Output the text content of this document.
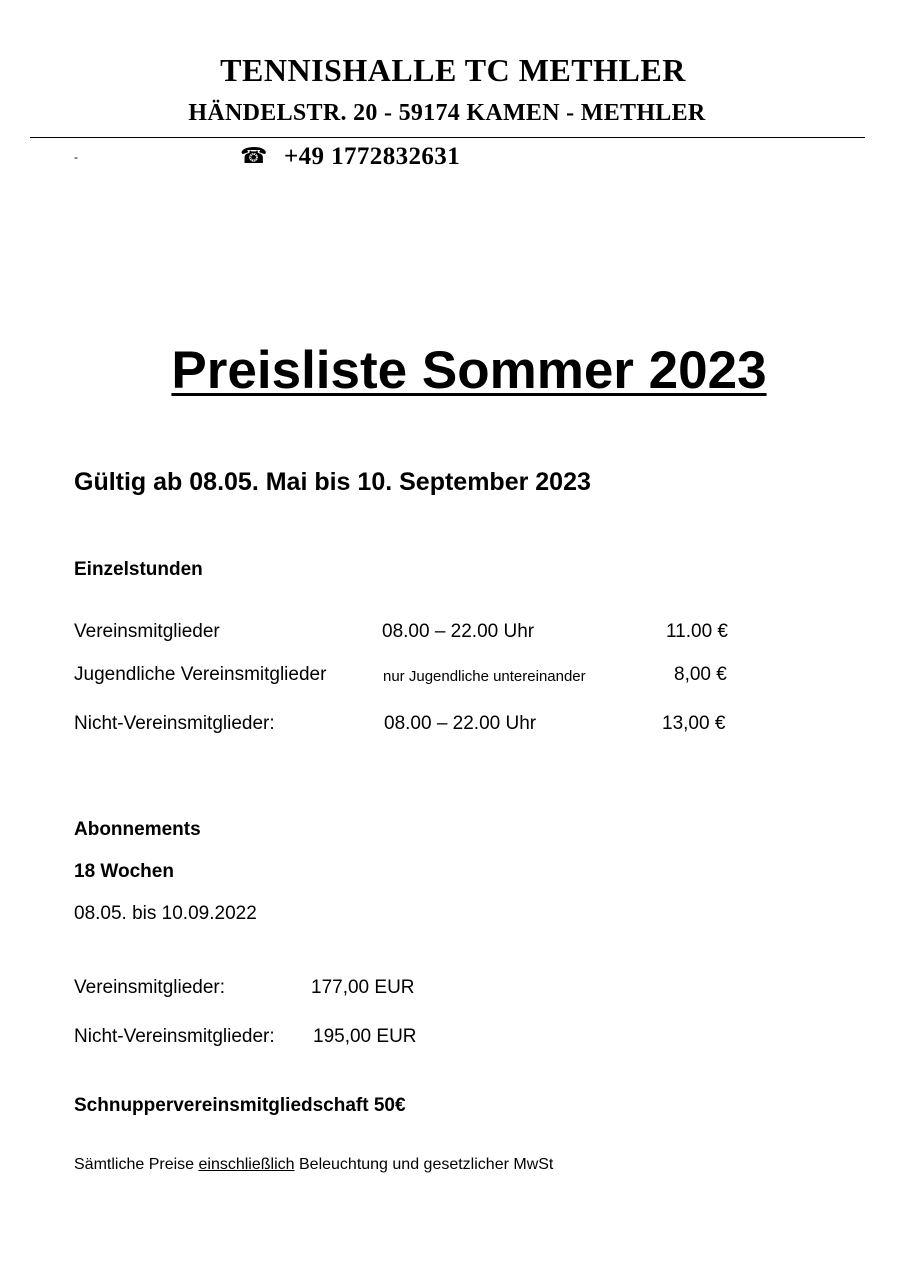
TENNISHALLE TC METHLER
HÄNDELSTR. 20 - 59174 KAMEN - METHLER
-	☎ +49 1772832631
Preisliste Sommer 2023
Gültig ab 08.05. Mai bis 10. September 2023
Einzelstunden
Vereinsmitglieder	08.00 – 22.00 Uhr	11.00 €
Jugendliche Vereinsmitglieder	nur Jugendliche untereinander	8,00 €
Nicht-Vereinsmitglieder:	08.00 – 22.00 Uhr	13,00 €
Abonnements
18 Wochen
08.05. bis 10.09.2022
Vereinsmitglieder:	177,00 EUR
Nicht-Vereinsmitglieder: 195,00 EUR
Schnuppervereinsmitgliedschaft 50€
Sämtliche Preise einschließlich Beleuchtung und gesetzlicher MwSt
